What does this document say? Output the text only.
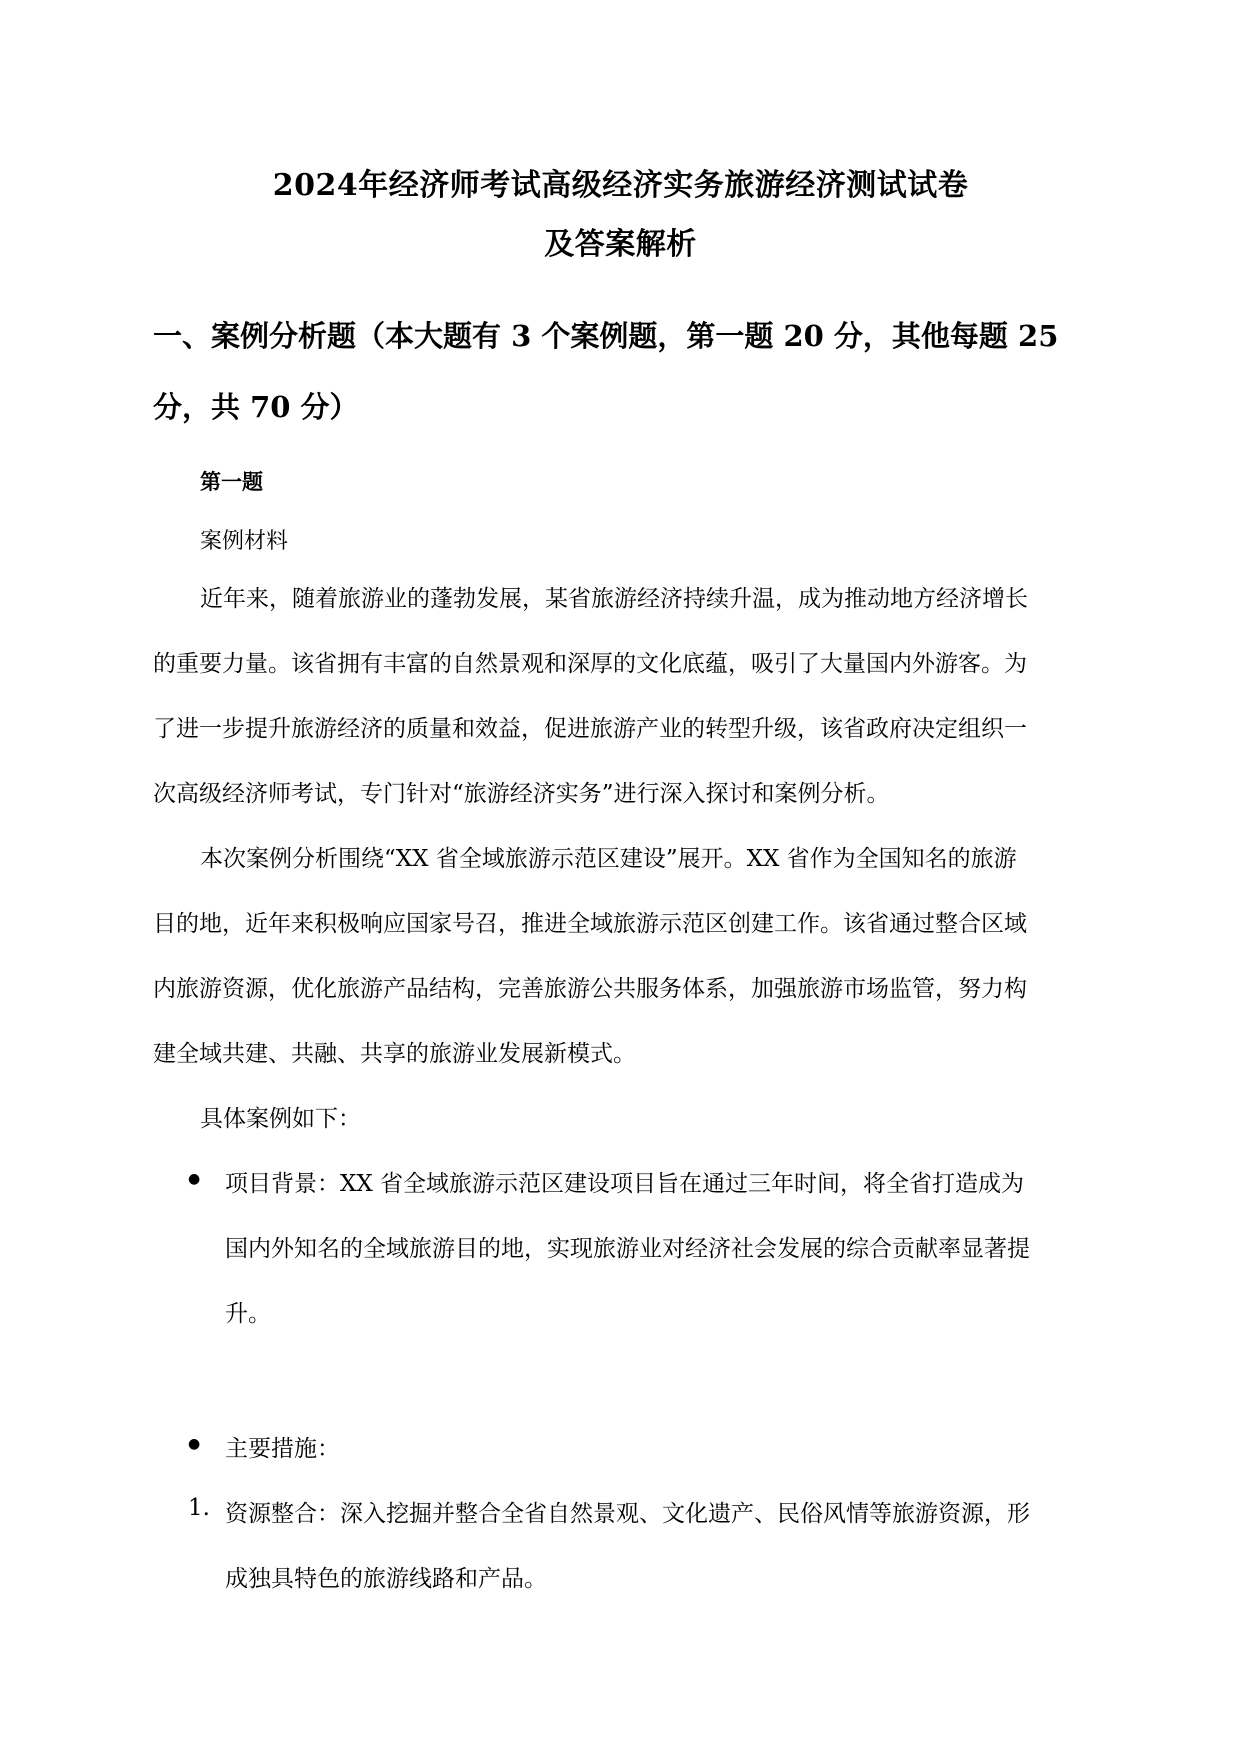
2024年经济师考试高级经济实务旅游经济测试试卷
及答案解析
一、案例分析题（本大题有 3 个案例题，第一题 20 分，其他每题 25
分，共 70 分）
第一题
案例材料
近年来，随着旅游业的蓬勃发展，某省旅游经济持续升温，成为推动地方经济增长
的重要力量。该省拥有丰富的自然景观和深厚的文化底蕴，吸引了大量国内外游客。为
了进一步提升旅游经济的质量和效益，促进旅游产业的转型升级，该省政府决定组织一
次高级经济师考试，专门针对“旅游经济实务”进行深入探讨和案例分析。
本次案例分析围绕“XX 省全域旅游示范区建设”展开。XX 省作为全国知名的旅游
目的地，近年来积极响应国家号召，推进全域旅游示范区创建工作。该省通过整合区域
内旅游资源，优化旅游产品结构，完善旅游公共服务体系，加强旅游市场监管，努力构
建全域共建、共融、共享的旅游业发展新模式。
具体案例如下：
● 项目背景：XX 省全域旅游示范区建设项目旨在通过三年时间，将全省打造成为
国内外知名的全域旅游目的地，实现旅游业对经济社会发展的综合贡献率显著提
升。
● 主要措施：
1. 资源整合：深入挖掘并整合全省自然景观、文化遗产、民俗风情等旅游资源，形
成独具特色的旅游线路和产品。
